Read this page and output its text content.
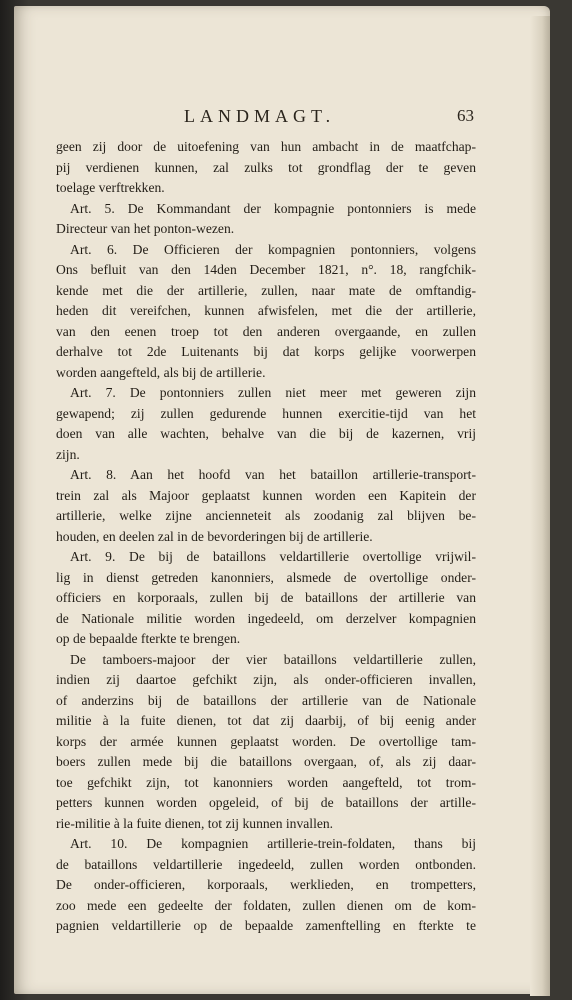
LANDMAGT.	63
geen zij door de uitoefening van hun ambacht in de maatfchap-
pij verdienen kunnen, zal zulks tot grondflag der te geven
toelage verftrekken.
Art. 5. De Kommandant der kompagnie pontonniers is mede
Directeur van het ponton-wezen.
Art. 6. De Officieren der kompagnien pontonniers, volgens
Ons befluit van den 14den December 1821, n°. 18, rangfchik-
kende met die der artillerie, zullen, naar mate de omftandig-
heden dit vereifchen, kunnen afwisfelen, met die der artillerie,
van den eenen troep tot den anderen overgaande, en zullen
derhalve tot 2de Luitenants bij dat korps gelijke voorwerpen
worden aangefteld, als bij de artillerie.
Art. 7. De pontonniers zullen niet meer met geweren zijn
gewapend; zij zullen gedurende hunnen exercitie-tijd van het
doen van alle wachten, behalve van die bij de kazernen, vrij
zijn.
Art. 8. Aan het hoofd van het bataillon artillerie-transport-
trein zal als Majoor geplaatst kunnen worden een Kapitein der
artillerie, welke zijne ancienneteit als zoodanig zal blijven be-
houden, en deelen zal in de bevorderingen bij de artillerie.
Art. 9. De bij de bataillons veldartillerie overtollige vrijwil-
lig in dienst getreden kanonniers, alsmede de overtollige onder-
officiers en korporaals, zullen bij de bataillons der artillerie van
de Nationale militie worden ingedeeld, om derzelver kompagnien
op de bepaalde fterkte te brengen.
De tamboers-majoor der vier bataillons veldartillerie zullen,
indien zij daartoe gefchikt zijn, als onder-officieren invallen,
of anderzins bij de bataillons der artillerie van de Nationale
militie à la fuite dienen, tot dat zij daarbij, of bij eenig ander
korps der armée kunnen geplaatst worden. De overtollige tam-
boers zullen mede bij die bataillons overgaan, of, als zij daar-
toe gefchikt zijn, tot kanonniers worden aangefteld, tot trom-
petters kunnen worden opgeleid, of bij de bataillons der artille-
rie-militie à la fuite dienen, tot zij kunnen invallen.
Art. 10. De kompagnien artillerie-trein-foldaten, thans bij
de bataillons veldartillerie ingedeeld, zullen worden ontbonden.
De onder-officieren, korporaals, werklieden, en trompetters,
zoo mede een gedeelte der foldaten, zullen dienen om de kom-
pagnien veldartillerie op de bepaalde zamenftelling en fterkte te
